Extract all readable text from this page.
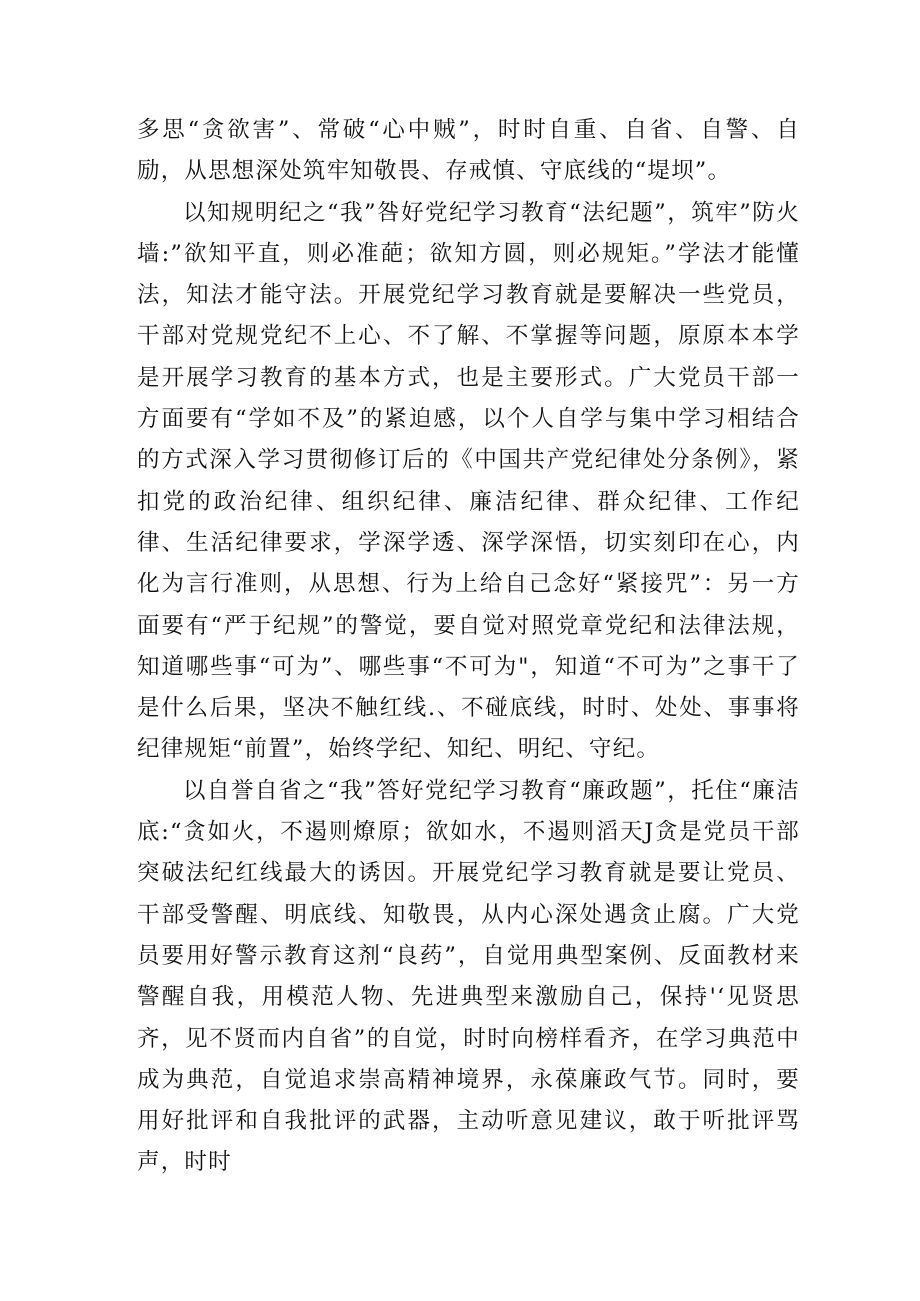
多思“贪欲害”、常破“心中贼”，时时自重、自省、自警、自励，从思想深处筑牢知敬畏、存戒慎、守底线的“堤坝”。

以知规明纪之“我”咎好党纪学习教育“法纪题”，筑牢”防火墙:”欲知平直，则必准葩；欲知方圆，则必规矩。”学法才能懂法，知法才能守法。开展党纪学习教育就是要解决一些党员，干部对党规党纪不上心、不了解、不掌握等问题，原原本本学是开展学习教育的基本方式，也是主要形式。广大党员干部一方面要有“学如不及”的紧迫感，以个人自学与集中学习相结合的方式深入学习贯彻修订后的《中国共产党纪律处分条例》，紧扣党的政治纪律、组织纪律、廉洁纪律、群众纪律、工作纪律、生活纪律要求，学深学透、深学深悟，切实刻印在心，内化为言行准则，从思想、行为上给自己念好“紧接咒”：另一方面要有“严于纪规”的警觉，要自觉对照党章党纪和法律法规，知道哪些事“可为”、哪些事“不可为"，知道“不可为”之事干了是什么后果，坚决不触红线.、不碰底线，时时、处处、事事将纪律规矩“前置”，始终学纪、知纪、明纪、守纪。

以自誉自省之“我”答好党纪学习教育“廉政题”，托住“廉洁底:“贪如火，不遏则燎原；欲如水，不遏则滔天J贪是党员干部突破法纪红线最大的诱因。开展党纪学习教育就是要让党员、干部受警醒、明底线、知敬畏，从内心深处遇贪止腐。广大党员要用好警示教育这剂“良药”，自觉用典型案例、反面教材来警醒自我，用模范人物、先进典型来激励自己，保持'‘见贤思齐，见不贤而内自省”的自觉，时时向榜样看齐，在学习典范中成为典范，自觉追求崇高精神境界，永葆廉政气节。同时，要用好批评和自我批评的武器，主动听意见建议，敢于听批评骂声，时时
